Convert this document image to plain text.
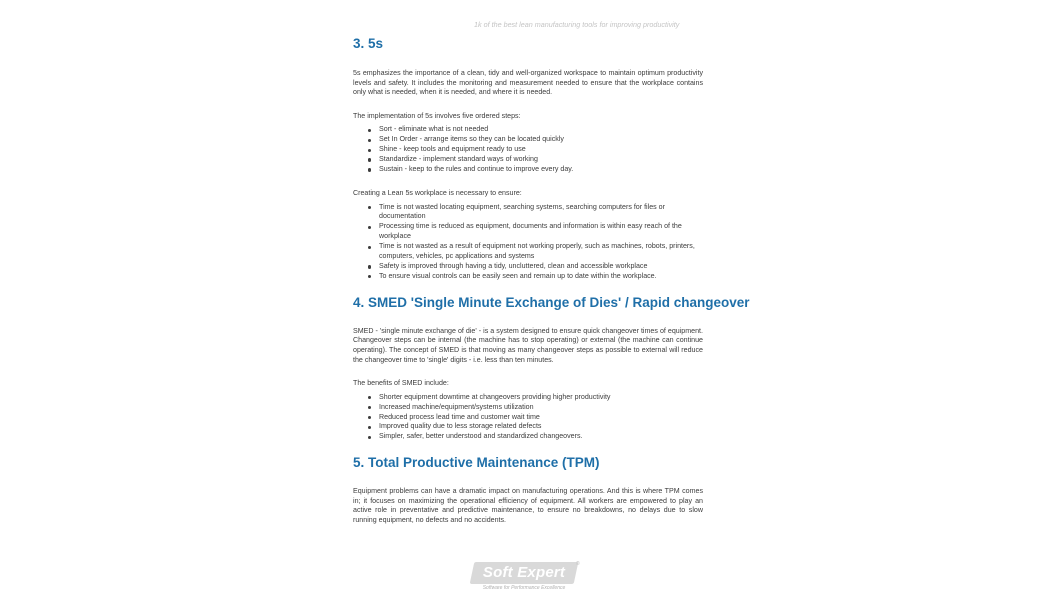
1k of the best lean manufacturing tools for improving productivity
3. 5s

5s emphasizes the importance of a clean, tidy and well-organized workspace to maintain optimum productivity levels and safety. It includes the monitoring and measurement needed to ensure that the workplace contains only what is needed, when it is needed, and where it is needed.

The implementation of 5s involves five ordered steps:

Sort - eliminate what is not needed
Set In Order - arrange items so they can be located quickly
Shine - keep tools and equipment ready to use
Standardize - implement standard ways of working
Sustain - keep to the rules and continue to improve every day.

Creating a Lean 5s workplace is necessary to ensure:

Time is not wasted locating equipment, searching systems, searching computers for files or documentation
Processing time is reduced as equipment, documents and information is within easy reach of the workplace
Time is not wasted as a result of equipment not working properly, such as machines, robots, printers, computers, vehicles, pc applications and systems
Safety is improved through having a tidy, uncluttered, clean and accessible workplace
To ensure visual controls can be easily seen and remain up to date within the workplace.
4. SMED 'Single Minute Exchange of Dies' / Rapid changeover

SMED - 'single minute exchange of die' - is a system designed to ensure quick changeover times of equipment. Changeover steps can be internal (the machine has to stop operating) or external (the machine can continue operating). The concept of SMED is that moving as many changeover steps as possible to external will reduce the changeover time to 'single' digits - i.e. less than ten minutes.

The benefits of SMED include:

Shorter equipment downtime at changeovers providing higher productivity
Increased machine/equipment/systems utilization
Reduced process lead time and customer wait time
Improved quality due to less storage related defects
Simpler, safer, better understood and standardized changeovers.
5. Total Productive Maintenance (TPM)

Equipment problems can have a dramatic impact on manufacturing operations. And this is where TPM comes in; it focuses on maximizing the operational efficiency of equipment. All workers are empowered to play an active role in preventative and predictive maintenance, to ensure no breakdowns, no delays due to slow running equipment, no defects and no accidents.

Soft Expert	®
Software for Performance Excellence
